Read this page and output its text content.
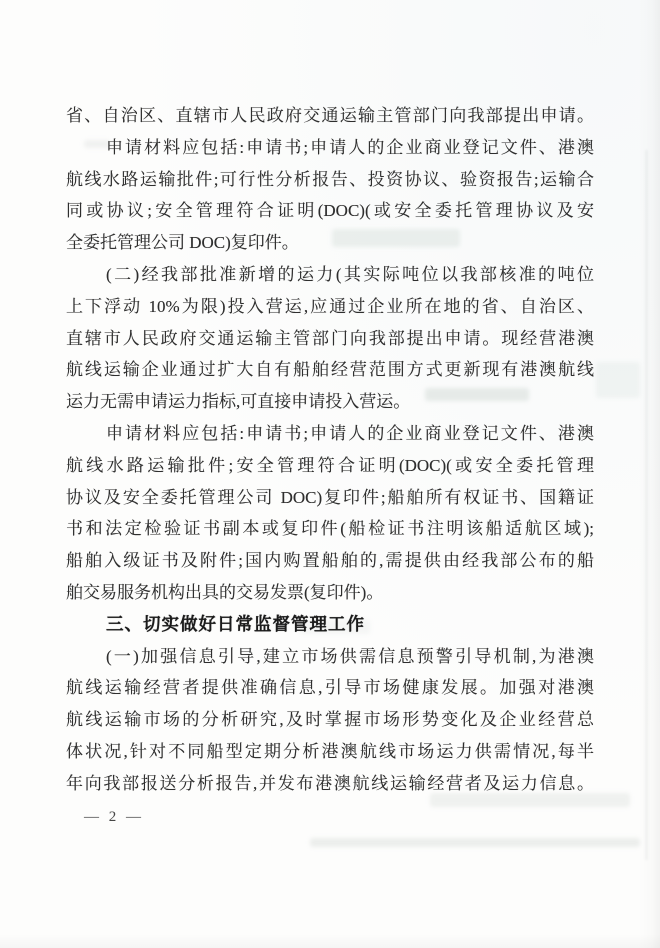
省、自治区、直辖市人民政府交通运输主管部门向我部提出申请。
申请材料应包括:申请书;申请人的企业商业登记文件、港澳
航线水路运输批件;可行性分析报告、投资协议、验资报告;运输合
同或协议;安全管理符合证明(DOC)(或安全委托管理协议及安
全委托管理公司 DOC)复印件。
(二)经我部批准新增的运力(其实际吨位以我部核准的吨位
上下浮动 10%为限)投入营运,应通过企业所在地的省、自治区、
直辖市人民政府交通运输主管部门向我部提出申请。现经营港澳
航线运输企业通过扩大自有船舶经营范围方式更新现有港澳航线
运力无需申请运力指标,可直接申请投入营运。
申请材料应包括:申请书;申请人的企业商业登记文件、港澳
航线水路运输批件;安全管理符合证明(DOC)(或安全委托管理
协议及安全委托管理公司 DOC)复印件;船舶所有权证书、国籍证
书和法定检验证书副本或复印件(船检证书注明该船适航区域);
船舶入级证书及附件;国内购置船舶的,需提供由经我部公布的船
舶交易服务机构出具的交易发票(复印件)。
三、切实做好日常监督管理工作
(一)加强信息引导,建立市场供需信息预警引导机制,为港澳
航线运输经营者提供准确信息,引导市场健康发展。加强对港澳
航线运输市场的分析研究,及时掌握市场形势变化及企业经营总
体状况,针对不同船型定期分析港澳航线市场运力供需情况,每半
年向我部报送分析报告,并发布港澳航线运输经营者及运力信息。
— 2 —
